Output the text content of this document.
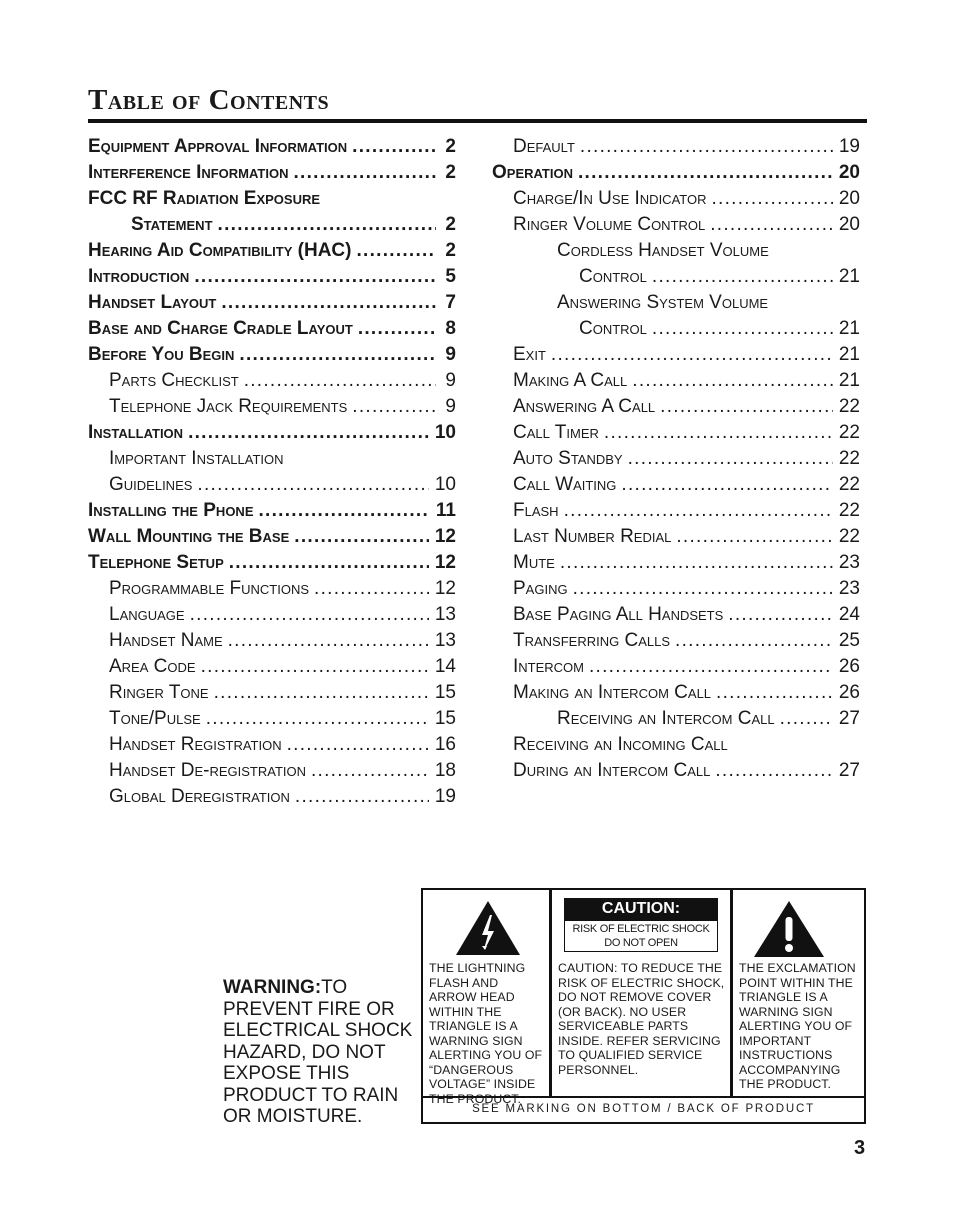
Table of Contents
Equipment Approval Information . . .	2
Interference Information . . .	2
FCC RF Radiation Exposure
Statement . . .	2
Hearing Aid Compatibility (HAC) . . .	2
Introduction . . .	5
Handset Layout . . .	7
Base and Charge Cradle Layout . . .	8
Before You Begin . . .	9
Parts Checklist . . .	9
Telephone Jack Requirements . . .	9
Installation . . .	10
Important Installation
Guidelines . . .	10
Installing the Phone . . .	11
Wall Mounting the Base . . .	12
Telephone Setup . . .	12
Programmable Functions . . .	12
Language . . .	13
Handset Name . . .	13
Area Code . . .	14
Ringer Tone . . .	15
Tone/Pulse . . .	15
Handset Registration . . .	16
Handset De-registration . . .	18
Global Deregistration . . .	19
Default . . .	19
Operation . . .	20
Charge/In Use Indicator . . .	20
Ringer Volume Control . . .	20
Cordless Handset Volume
Control . . .	21
Answering System Volume
Control . . .	21
Exit . . .	21
Making A Call . . .	21
Answering A Call . . .	22
Call Timer . . .	22
Auto Standby . . .	22
Call Waiting . . .	22
Flash . . .	22
Last Number Redial . . .	22
Mute . . .	23
Paging . . .	23
Base Paging All Handsets . . .	24
Transferring Calls . . .	25
Intercom . . .	26
Making an Intercom Call . . .	26
Receiving an Intercom Call . . .	27
Receiving an Incoming Call
During an Intercom Call . . .	27
WARNING:TO PREVENT FIRE OR ELECTRICAL SHOCK HAZARD, DO NOT EXPOSE THIS PRODUCT TO RAIN OR MOISTURE.
THE LIGHTNING FLASH AND ARROW HEAD WITHIN THE TRIANGLE IS A WARNING SIGN ALERTING YOU OF “DANGEROUS VOLTAGE” INSIDE THE PRODUCT.
CAUTION:
RISK OF ELECTRIC SHOCK
DO NOT OPEN
CAUTION: TO REDUCE THE RISK OF ELECTRIC SHOCK, DO NOT REMOVE COVER (OR BACK). NO USER SERVICEABLE PARTS INSIDE. REFER SERVICING TO QUALIFIED SERVICE PERSONNEL.
THE EXCLAMATION POINT WITHIN THE TRIANGLE IS A WARNING SIGN ALERTING YOU OF IMPORTANT INSTRUCTIONS ACCOMPANYING THE PRODUCT.
SEE MARKING ON BOTTOM / BACK OF PRODUCT
3
